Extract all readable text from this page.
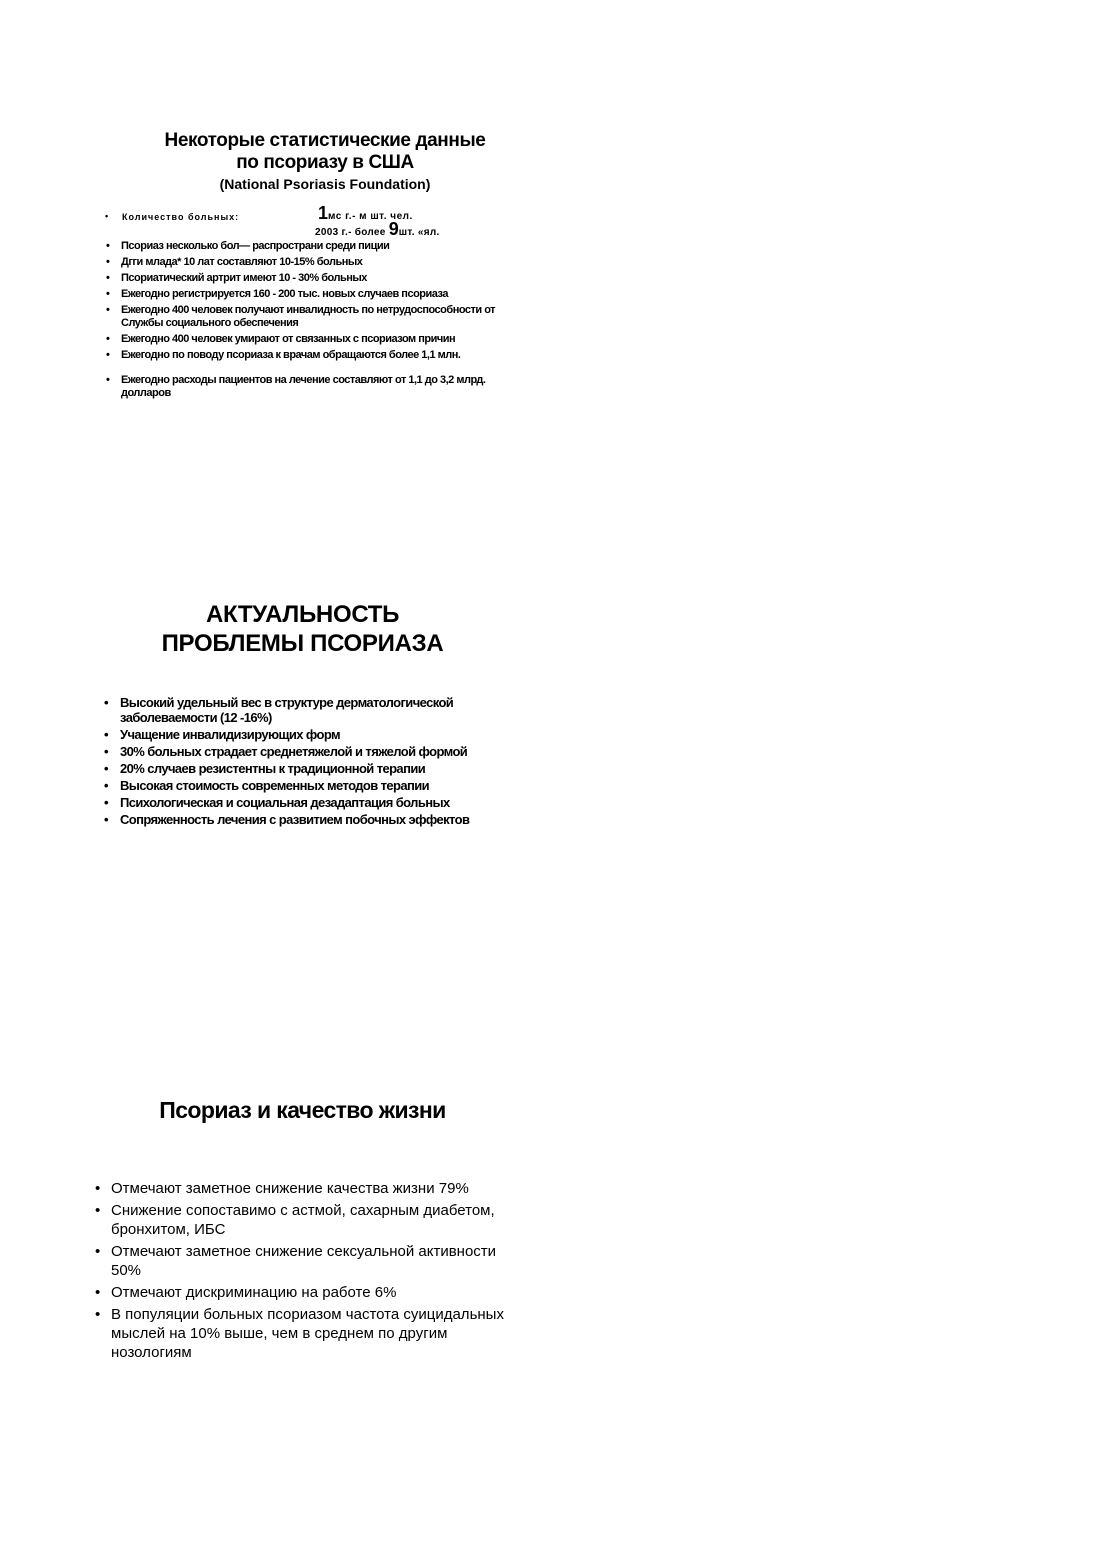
Некоторые статистические данные
по псориазу в США
(National Psoriasis Foundation)
• Количество больных:	1мс г.- м шт. чел.
2003 г.- более 9шт. «ял.
• Псориаз несколько бол— распространи среди пиции
• Дгги млада* 10 лат составляют 10-15% больных
• Псориатический артрит имеют 10 - 30% больных
• Ежегодно регистрируется 160 - 200 тыс. новых случаев псориаза
• Ежегодно 400 человек получают инвалидность по нетрудоспособности от Службы социального обеспечения
• Ежегодно 400 человек умирают от связанных с псориазом причин
• Ежегодно по поводу псориаза к врачам обращаются более 1,1 млн.
• Ежегодно расходы пациентов на лечение составляют от 1,1 до 3,2 млрд. долларов
АКТУАЛЬНОСТЬ
ПРОБЛЕМЫ ПСОРИАЗА
• Высокий удельный вес в структуре дерматологической заболеваемости (12 -16%)
• Учащение инвалидизирующих форм
• 30% больных страдает среднетяжелой и тяжелой формой
• 20% случаев резистентны к традиционной терапии
• Высокая стоимость современных методов терапии
• Психологическая и социальная дезадаптация больных
• Сопряженность лечения с развитием побочных эффектов
Псориаз и качество жизни
• Отмечают заметное снижение качества жизни 79%
• Снижение сопоставимо с астмой, сахарным диабетом, бронхитом, ИБС
• Отмечают заметное снижение сексуальной активности 50%
• Отмечают дискриминацию на работе 6%
• В популяции больных псориазом частота суицидальных мыслей на 10% выше, чем в среднем по другим нозологиям
